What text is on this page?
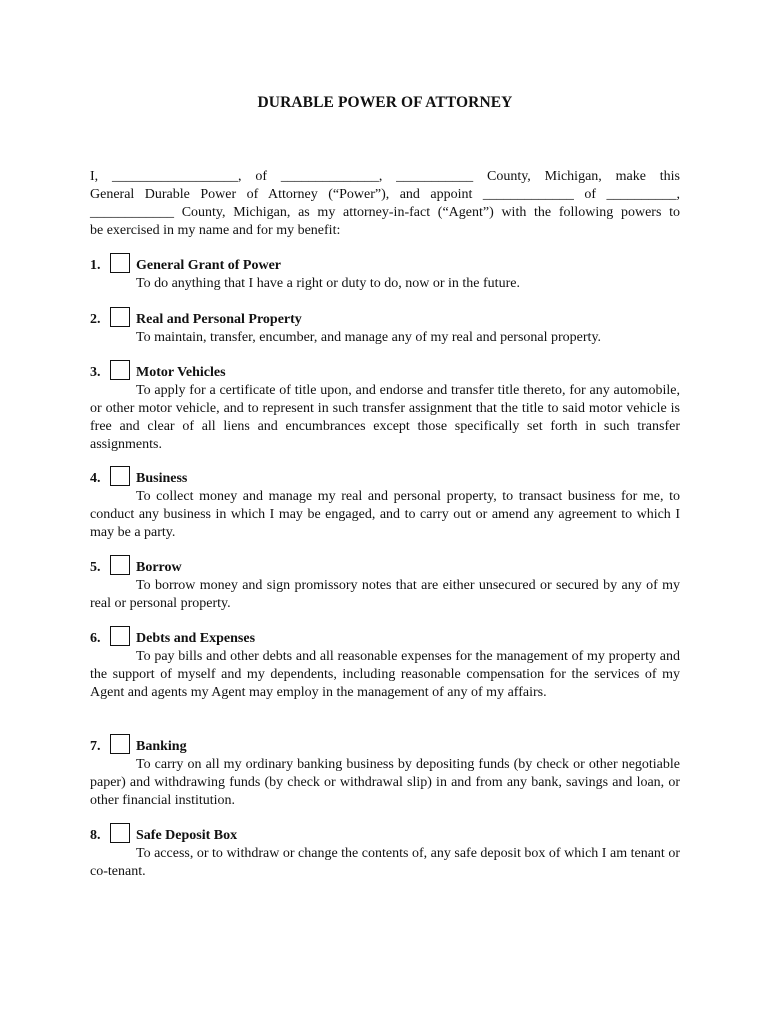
DURABLE POWER OF ATTORNEY
I, __________________, of ______________, ___________ County, Michigan, make this
General Durable Power of Attorney (“Power”), and appoint _____________ of __________,
____________ County, Michigan, as my attorney-in-fact (“Agent”) with the following powers to
be exercised in my name and for my benefit:
1.	General Grant of Power
To do anything that I have a right or duty to do, now or in the future.
2.	Real and Personal Property
To maintain, transfer, encumber, and manage any of my real and personal property.
3.	Motor Vehicles
To apply for a certificate of title upon, and endorse and transfer title thereto, for any automobile, or other motor vehicle, and to represent in such transfer assignment that the title to said motor vehicle is free and clear of all liens and encumbrances except those specifically set forth in such transfer assignments.
4.	Business
To collect money and manage my real and personal property, to transact business for me, to conduct any business in which I may be engaged, and to carry out or amend any agreement to which I may be a party.
5.	Borrow
To borrow money and sign promissory notes that are either unsecured or secured by any of my real or personal property.
6.	Debts and Expenses
To pay bills and other debts and all reasonable expenses for the management of my property and the support of myself and my dependents, including reasonable compensation for the services of my Agent and agents my Agent may employ in the management of any of my affairs.
7.	Banking
To carry on all my ordinary banking business by depositing funds (by check or other negotiable paper) and withdrawing funds (by check or withdrawal slip) in and from any bank, savings and loan, or other financial institution.
8.	Safe Deposit Box
To access, or to withdraw or change the contents of, any safe deposit box of which I am tenant or co-tenant.
